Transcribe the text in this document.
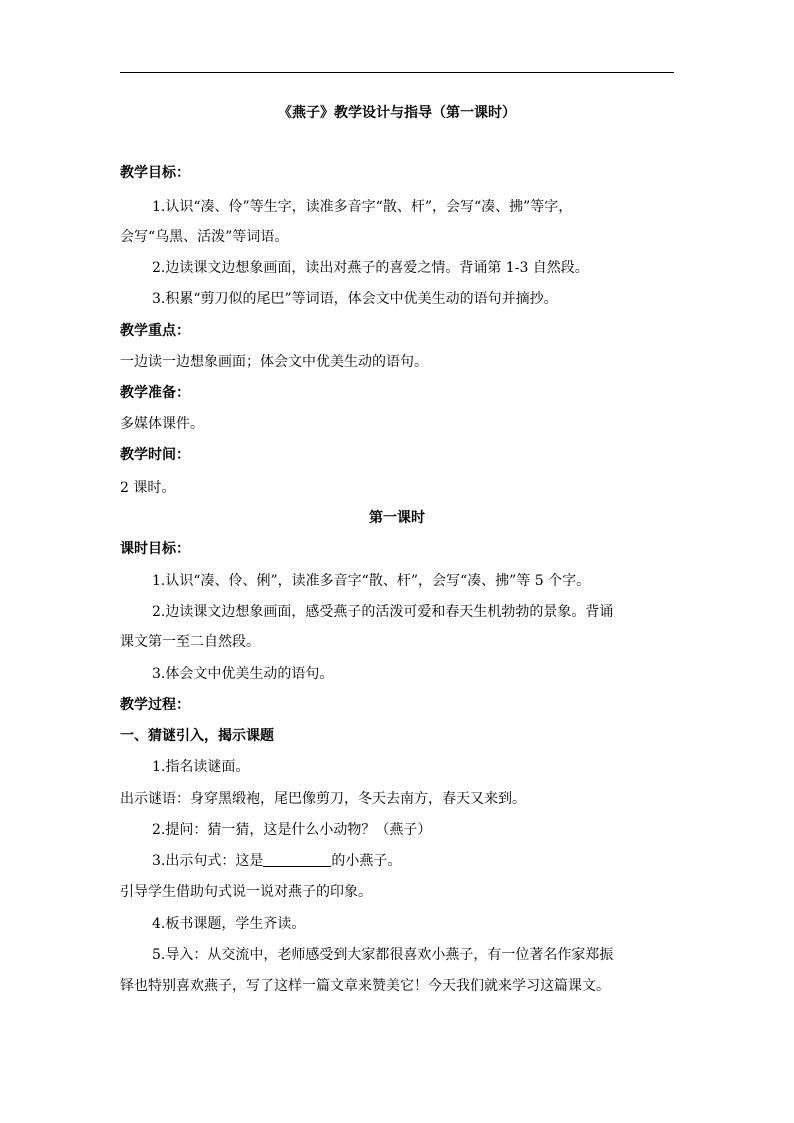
《燕子》教学设计与指导（第一课时）
教学目标：
1.认识“凑、伶”等生字，读准多音字“散、杆”，会写“凑、拂”等字，
会写“乌黑、活泼”等词语。
2.边读课文边想象画面，读出对燕子的喜爱之情。背诵第 1-3 自然段。
3.积累“剪刀似的尾巴”等词语，体会文中优美生动的语句并摘抄。
教学重点：
一边读一边想象画面；体会文中优美生动的语句。
教学准备：
多媒体课件。
教学时间：
2 课时。
第一课时
课时目标：
1.认识“凑、伶、俐”，读准多音字“散、杆”，会写“凑、拂”等 5 个字。
2.边读课文边想象画面，感受燕子的活泼可爱和春天生机勃勃的景象。背诵
课文第一至二自然段。
3.体会文中优美生动的语句。
教学过程：
一、猜谜引入，揭示课题
1.指名读谜面。
出示谜语：身穿黑缎袍，尾巴像剪刀，冬天去南方，春天又来到。
2.提问：猜一猜，这是什么小动物？（燕子）
3.出示句式：这是	的小燕子。
引导学生借助句式说一说对燕子的印象。
4.板书课题，学生齐读。
5.导入：从交流中，老师感受到大家都很喜欢小燕子，有一位著名作家郑振
铎也特别喜欢燕子，写了这样一篇文章来赞美它！今天我们就来学习这篇课文。
